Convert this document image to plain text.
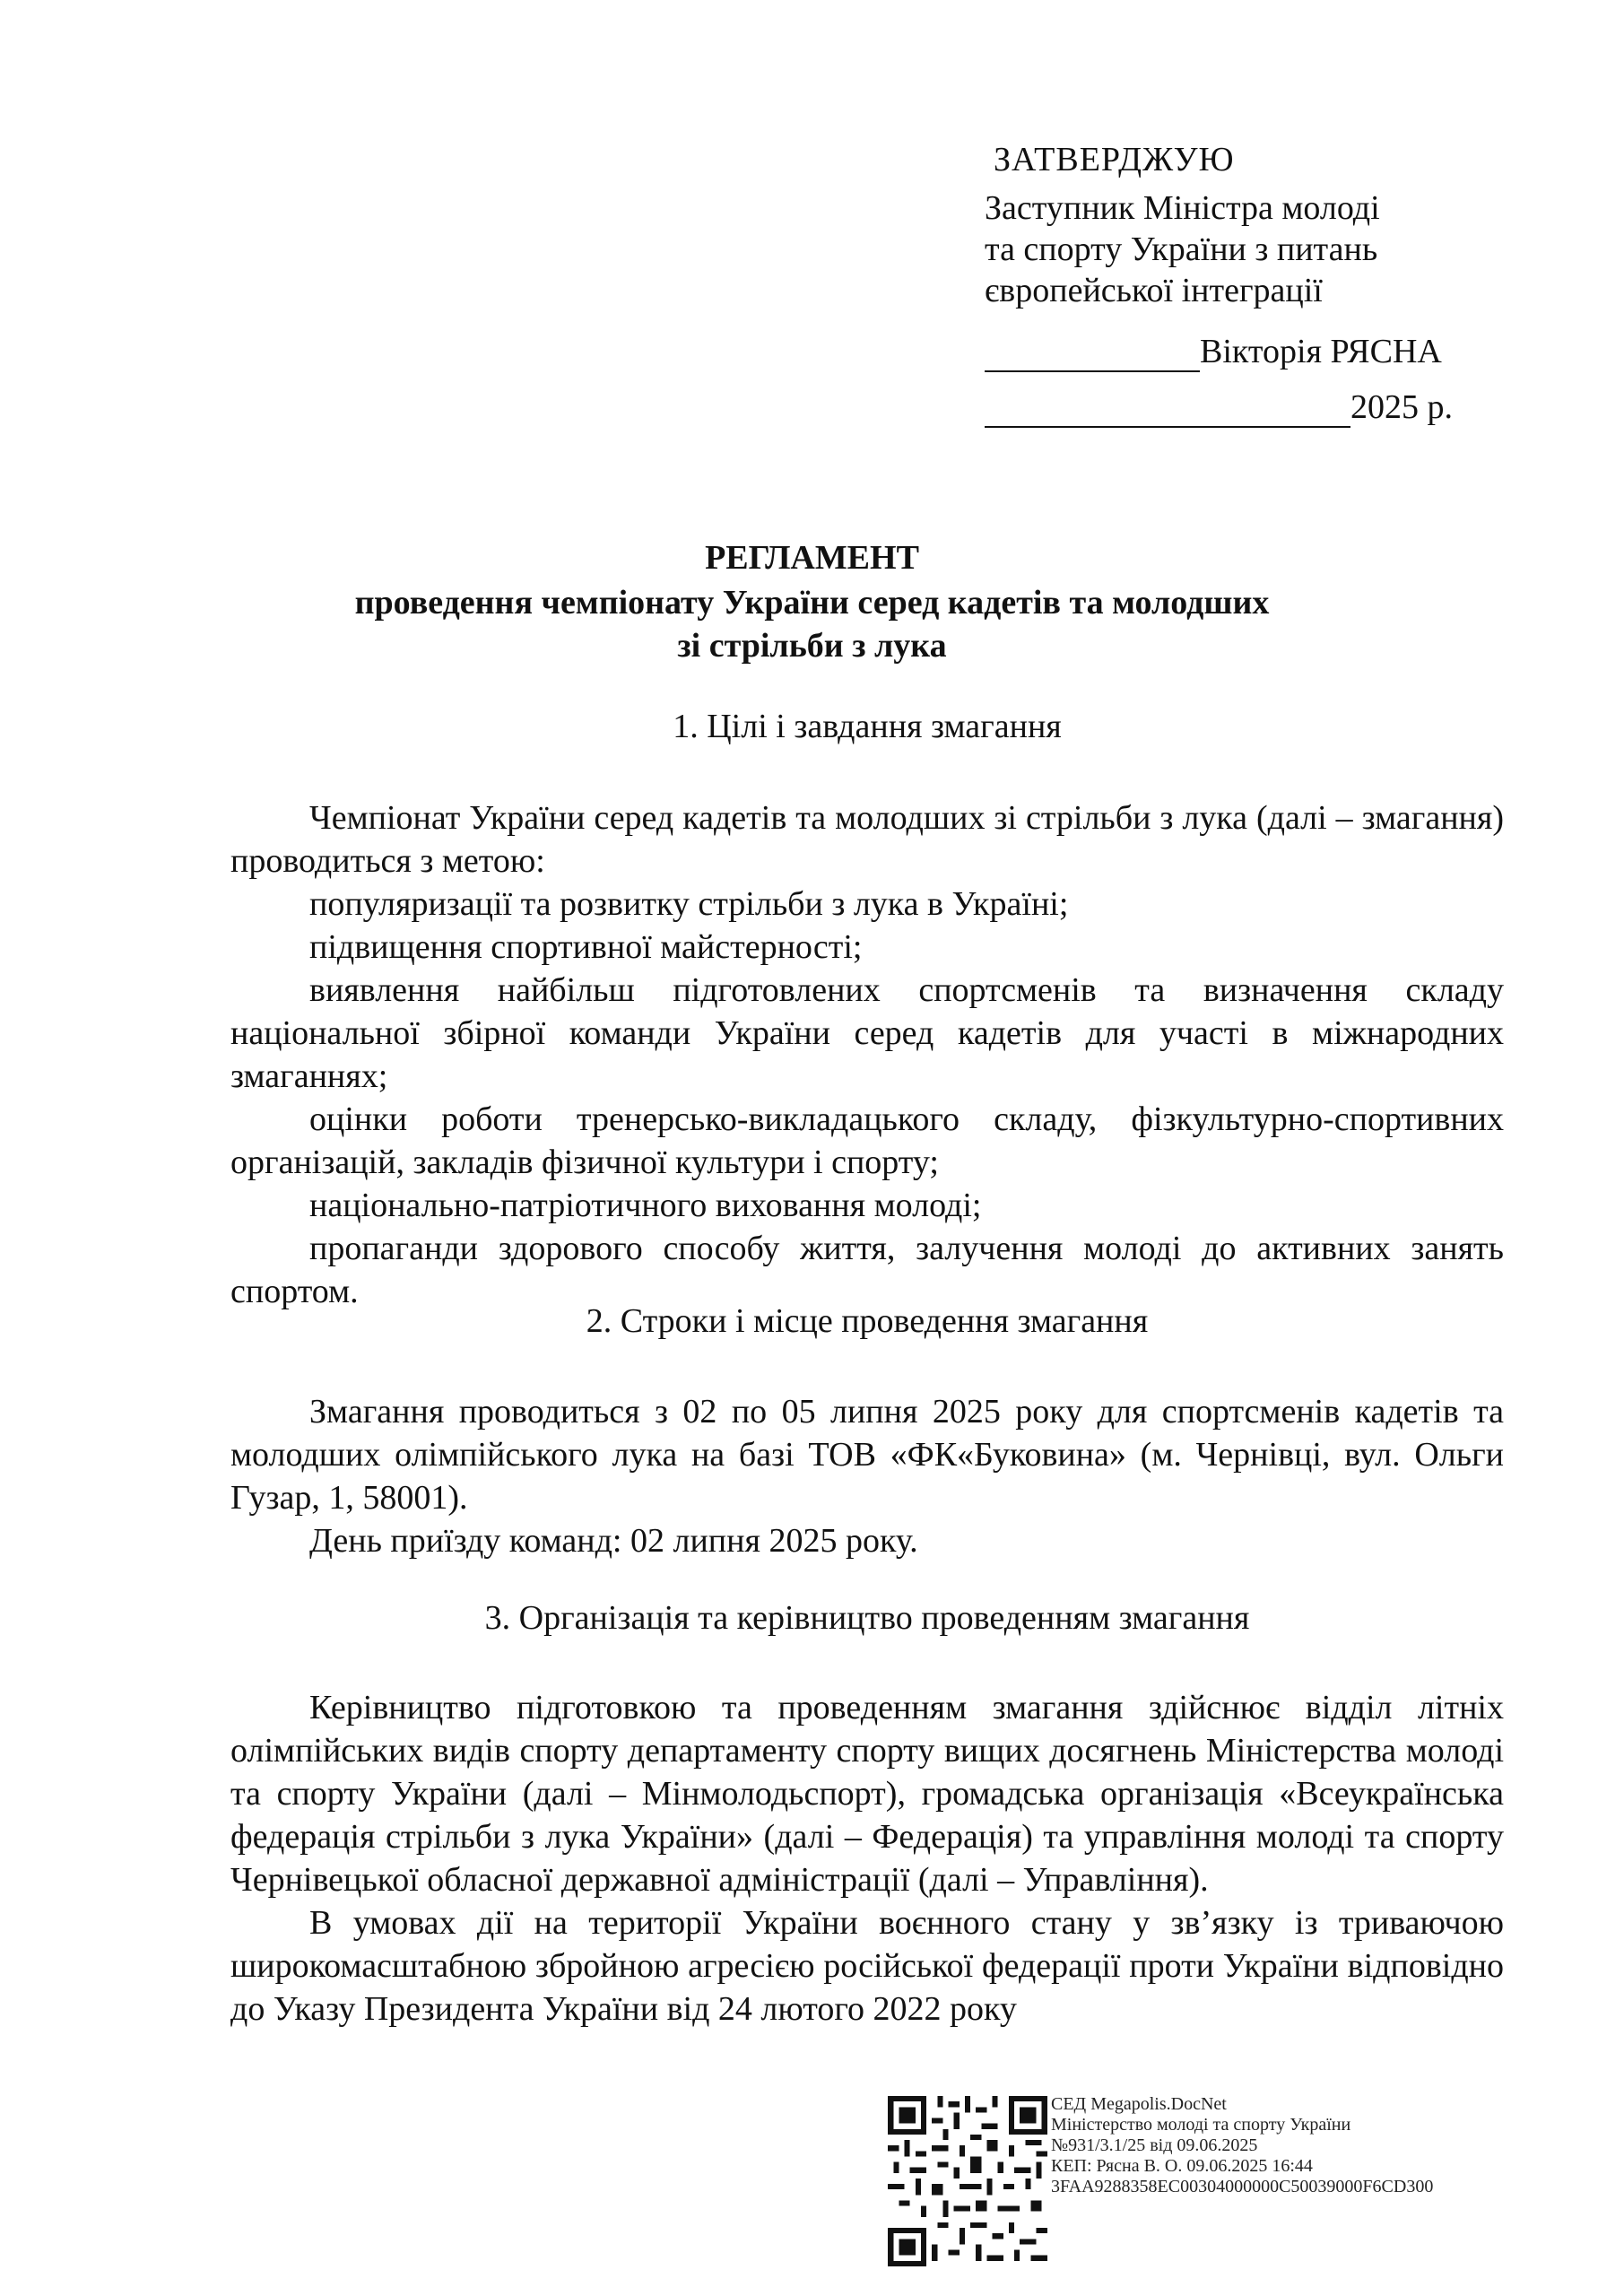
ЗАТВЕРДЖУЮ
Заступник Міністра молоді
та спорту України з питань
європейської інтеграції
Вікторія РЯСНА
2025 р.
РЕГЛАМЕНТ
проведення чемпіонату України серед кадетів та молодших
зі стрільби з лука
1. Цілі і завдання змагання
Чемпіонат України серед кадетів та молодших зі стрільби з лука (далі – змагання) проводиться з метою:
популяризації та розвитку стрільби з лука в Україні;
підвищення спортивної майстерності;
виявлення найбільш підготовлених спортсменів та визначення складу національної збірної команди України серед кадетів для участі в міжнародних змаганнях;
оцінки роботи тренерсько-викладацького складу, фізкультурно-спортивних організацій, закладів фізичної культури і спорту;
національно-патріотичного виховання молоді;
пропаганди здорового способу життя, залучення молоді до активних занять спортом.
2. Строки і місце проведення змагання
Змагання проводиться з 02 по 05 липня 2025 року для спортсменів кадетів та молодших олімпійського лука на базі ТОВ «ФК«Буковина» (м. Чернівці, вул. Ольги Гузар, 1, 58001).
День приїзду команд: 02 липня 2025 року.
3. Організація та керівництво проведенням змагання
Керівництво підготовкою та проведенням змагання здійснює відділ літніх олімпійських видів спорту департаменту спорту вищих досягнень Міністерства молоді та спорту України (далі – Мінмолодьспорт), громадська організація «Всеукраїнська федерація стрільби з лука України» (далі – Федерація) та управління молоді та спорту Чернівецької обласної державної адміністрації (далі – Управління).
В умовах дії на території України воєнного стану у зв’язку із триваючою широкомасштабною збройною агресією російської федерації проти України відповідно до Указу Президента України від 24 лютого 2022 року
СЕД Megapolis.DocNet
Міністерство молоді та спорту України
№931/3.1/25 від 09.06.2025
КЕП: Рясна В. О. 09.06.2025 16:44
3FAA9288358EC00304000000C50039000F6CD300
